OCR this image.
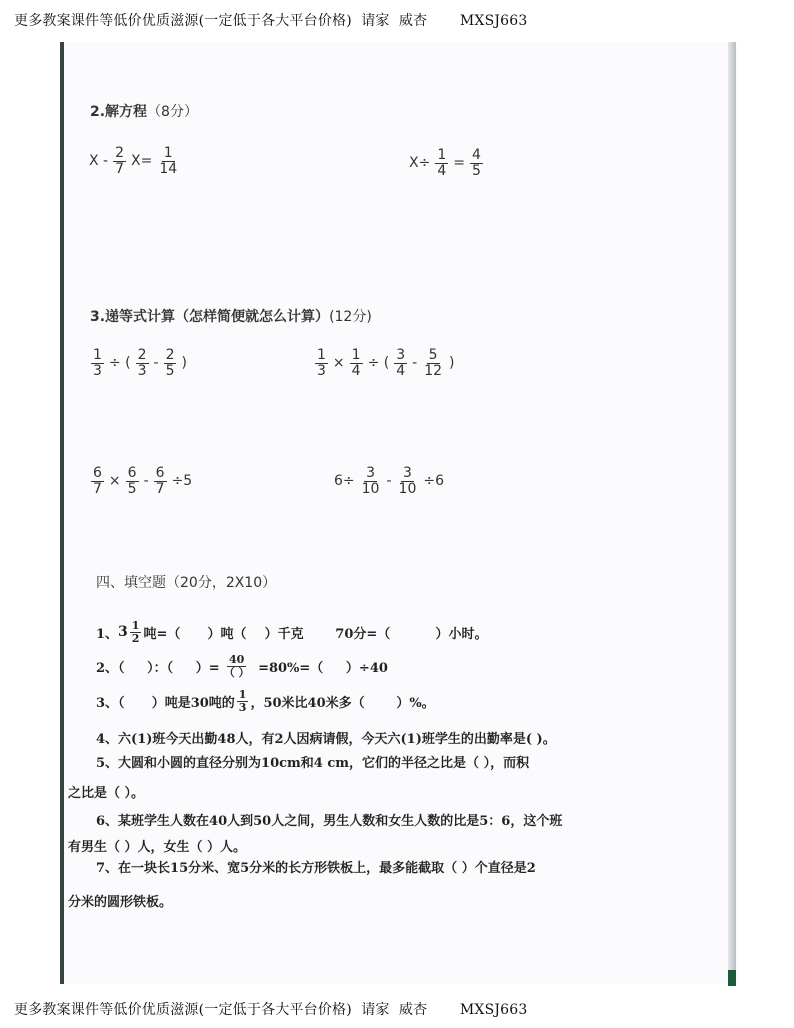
更多教案课件等低价优质滋源(一定低于各大平台价格)  请家  威杏       MXSJ663
更多教案课件等低价优质滋源(一定低于各大平台价格)  请家  威杏       MXSJ663
2.解方程（8分）
$X - \frac{2}{7} X= \frac{1}{14}$	$X\div \frac{1}{4} = \frac{4}{5}$
3.递等式计算（怎样简便就怎么计算）(12分)
$\frac{1}{3}$ ÷ ( $\frac{2}{3} - \frac{2}{5}$ )	$\frac{1}{3} \times \frac{1}{4}$ ÷ ( $\frac{3}{4} - \frac{5}{12}$ )
$\frac{6}{7} \times \frac{6}{5} - \frac{6}{7} \div 5$	$6\div \frac{3}{10} - \frac{3}{10} \div 6$
四、填空题（20分，2X10）
1、 $3 \frac{1}{2}$ 吨=（      ）吨（    ）千克       70分=（          ）小时。
2、（     ）：（     ）= $\frac{40}{( )} =80\%=$（     ）÷40
3、（      ）吨是30吨的 $\frac{1}{3}$ ，50米比40米多（       ）%。
4、六(1)班今天出勤48人，有2人因病请假，今天六(1)班学生的出勤率是( )。
5、大圆和小圆的直径分别为10cm和4 cm，它们的半径之比是（ ），而积
之比是（ ）。
6、某班学生人数在40人到50人之间，男生人数和女生人数的比是5：6，这个班
有男生（ ）人，女生（ ）人。
7、在一块长15分米、宽5分米的长方形铁板上，最多能截取（ ）个直径是2
分米的圆形铁板。
